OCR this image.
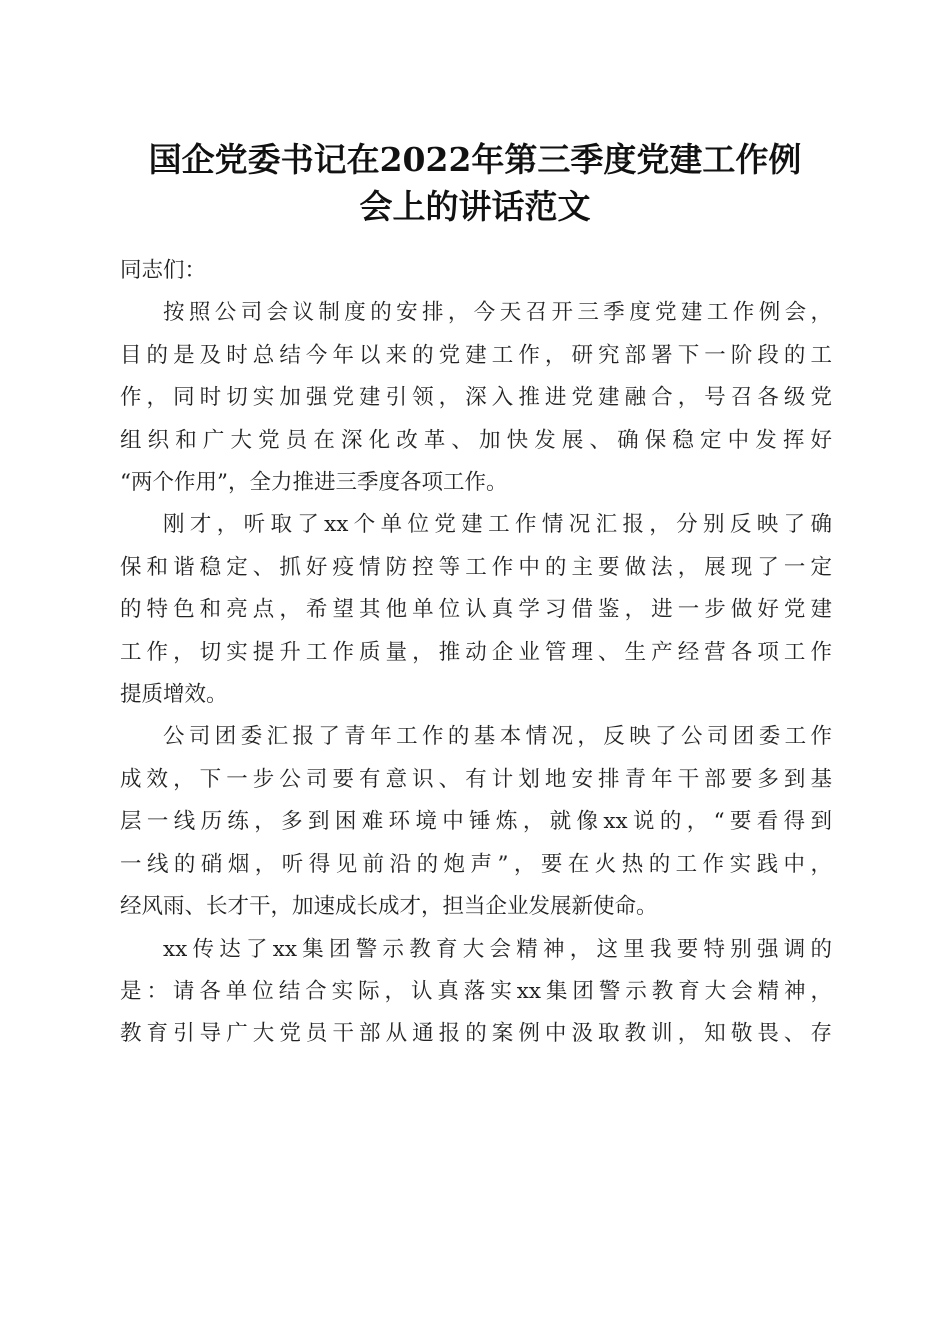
国企党委书记在2022年第三季度党建工作例
会上的讲话范文

同志们：

按照公司会议制度的安排，今天召开三季度党建工作例会，
目的是及时总结今年以来的党建工作，研究部署下一阶段的工
作，同时切实加强党建引领，深入推进党建融合，号召各级党
组织和广大党员在深化改革、加快发展、确保稳定中发挥好
“两个作用”，全力推进三季度各项工作。

刚才，听取了xx个单位党建工作情况汇报，分别反映了确
保和谐稳定、抓好疫情防控等工作中的主要做法，展现了一定
的特色和亮点，希望其他单位认真学习借鉴，进一步做好党建
工作，切实提升工作质量，推动企业管理、生产经营各项工作
提质增效。

公司团委汇报了青年工作的基本情况，反映了公司团委工作
成效，下一步公司要有意识、有计划地安排青年干部要多到基
层一线历练，多到困难环境中锤炼，就像xx说的，“要看得到
一线的硝烟，听得见前沿的炮声”，要在火热的工作实践中，
经风雨、长才干，加速成长成才，担当企业发展新使命。

xx传达了xx集团警示教育大会精神，这里我要特别强调的
是：请各单位结合实际，认真落实xx集团警示教育大会精神，
教育引导广大党员干部从通报的案例中汲取教训，知敬畏、存
